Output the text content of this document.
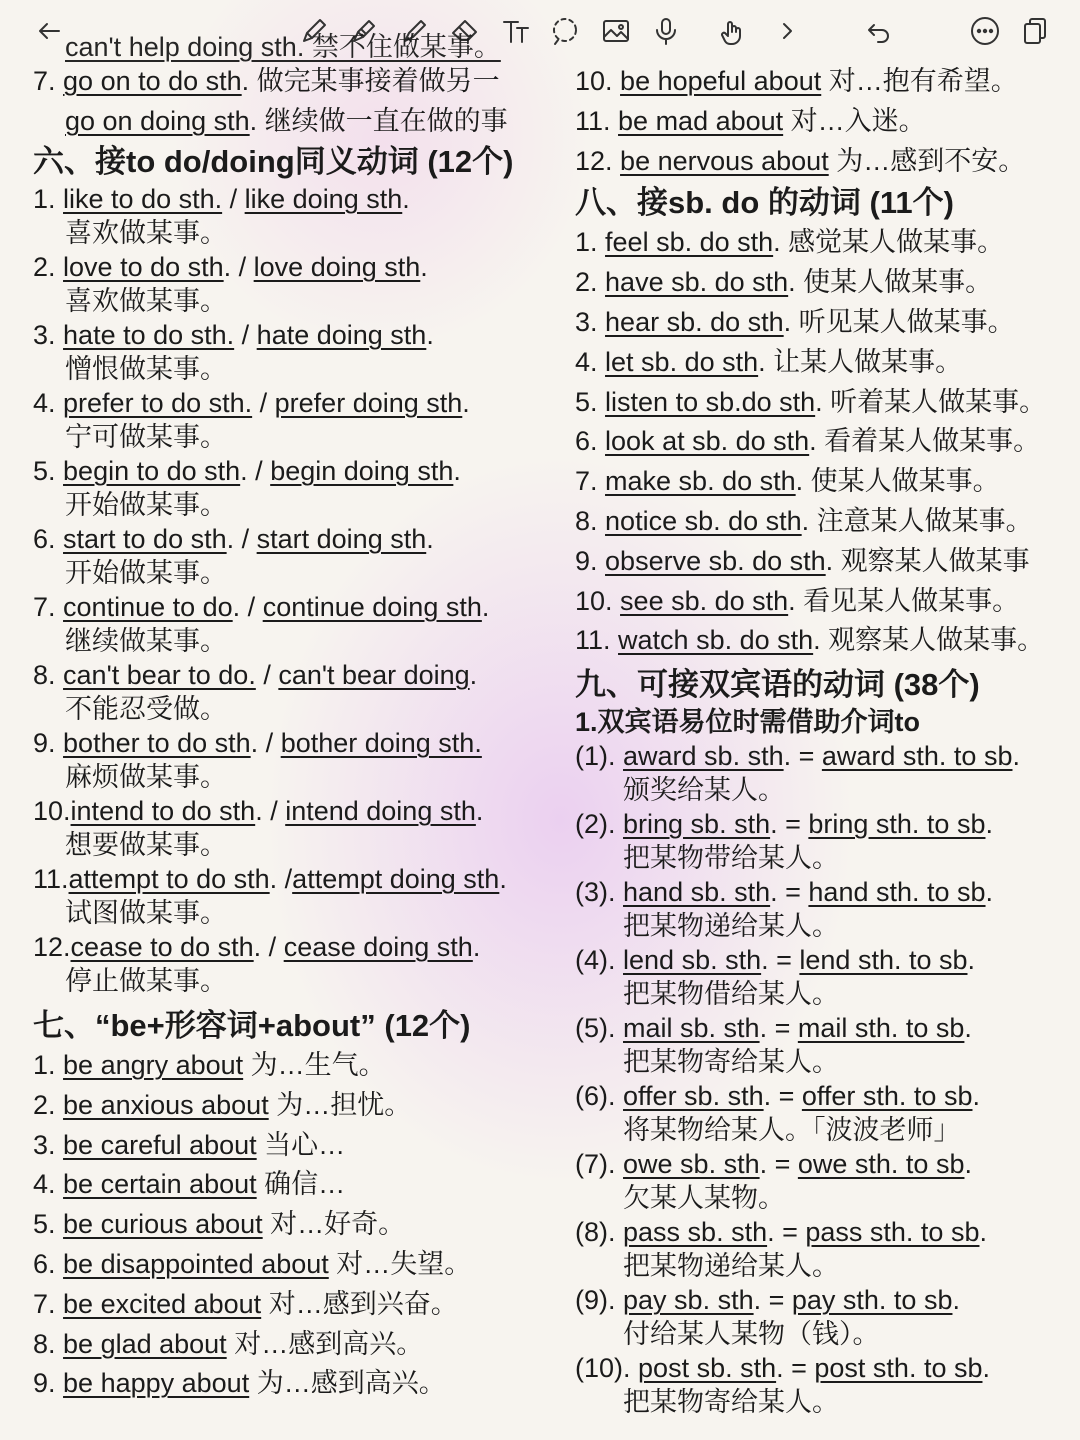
can't help doing sth. 禁不住做某事。
7. go on to do sth. 做完某事接着做另一
go on doing sth. 继续做一直在做的事
六、接to do/doing同义动词 (12个)
1. like to do sth. / like doing sth.
喜欢做某事。
2. love to do sth. / love doing sth.
喜欢做某事。
3. hate to do sth. / hate doing sth.
憎恨做某事。
4. prefer to do sth. / prefer doing sth.
宁可做某事。
5. begin to do sth. / begin doing sth.
开始做某事。
6. start to do sth. / start doing sth.
开始做某事。
7. continue to do. / continue doing sth.
继续做某事。
8. can't bear to do. / can't bear doing.
不能忍受做。
9. bother to do sth. / bother doing sth.
麻烦做某事。
10.intend to do sth. / intend doing sth.
想要做某事。
11.attempt to do sth. /attempt doing sth.
试图做某事。
12.cease to do sth. / cease doing sth.
停止做某事。
七、“be+形容词+about” (12个)
1. be angry about 为…生气。
2. be anxious about 为…担忧。
3. be careful about 当心…
4. be certain about 确信…
5. be curious about 对…好奇。
6. be disappointed about 对…失望。
7. be excited about 对…感到兴奋。
8. be glad about 对…感到高兴。
9. be happy about 为…感到高兴。
10. be hopeful about 对…抱有希望。
11. be mad about 对…入迷。
12. be nervous about 为…感到不安。
八、接sb. do 的动词 (11个)
1. feel sb. do sth. 感觉某人做某事。
2. have sb. do sth. 使某人做某事。
3. hear sb. do sth. 听见某人做某事。
4. let sb. do sth. 让某人做某事。
5. listen to sb.do sth. 听着某人做某事。
6. look at sb. do sth. 看着某人做某事。
7. make sb. do sth. 使某人做某事。
8. notice sb. do sth. 注意某人做某事。
9. observe sb. do sth. 观察某人做某事
10. see sb. do sth. 看见某人做某事。
11. watch sb. do sth. 观察某人做某事。
九、可接双宾语的动词 (38个)
1.双宾语易位时需借助介词to
(1). award sb. sth. = award sth. to sb.
颁奖给某人。
(2). bring sb. sth. = bring sth. to sb.
把某物带给某人。
(3). hand sb. sth. = hand sth. to sb.
把某物递给某人。
(4). lend sb. sth. = lend sth. to sb.
把某物借给某人。
(5). mail sb. sth. = mail sth. to sb.
把某物寄给某人。
(6). offer sb. sth. = offer sth. to sb.
将某物给某人。「波波老师」
(7). owe sb. sth. = owe sth. to sb.
欠某人某物。
(8). pass sb. sth. = pass sth. to sb.
把某物递给某人。
(9). pay sb. sth. = pay sth. to sb.
付给某人某物（钱）。
(10). post sb. sth. = post sth. to sb.
把某物寄给某人。
